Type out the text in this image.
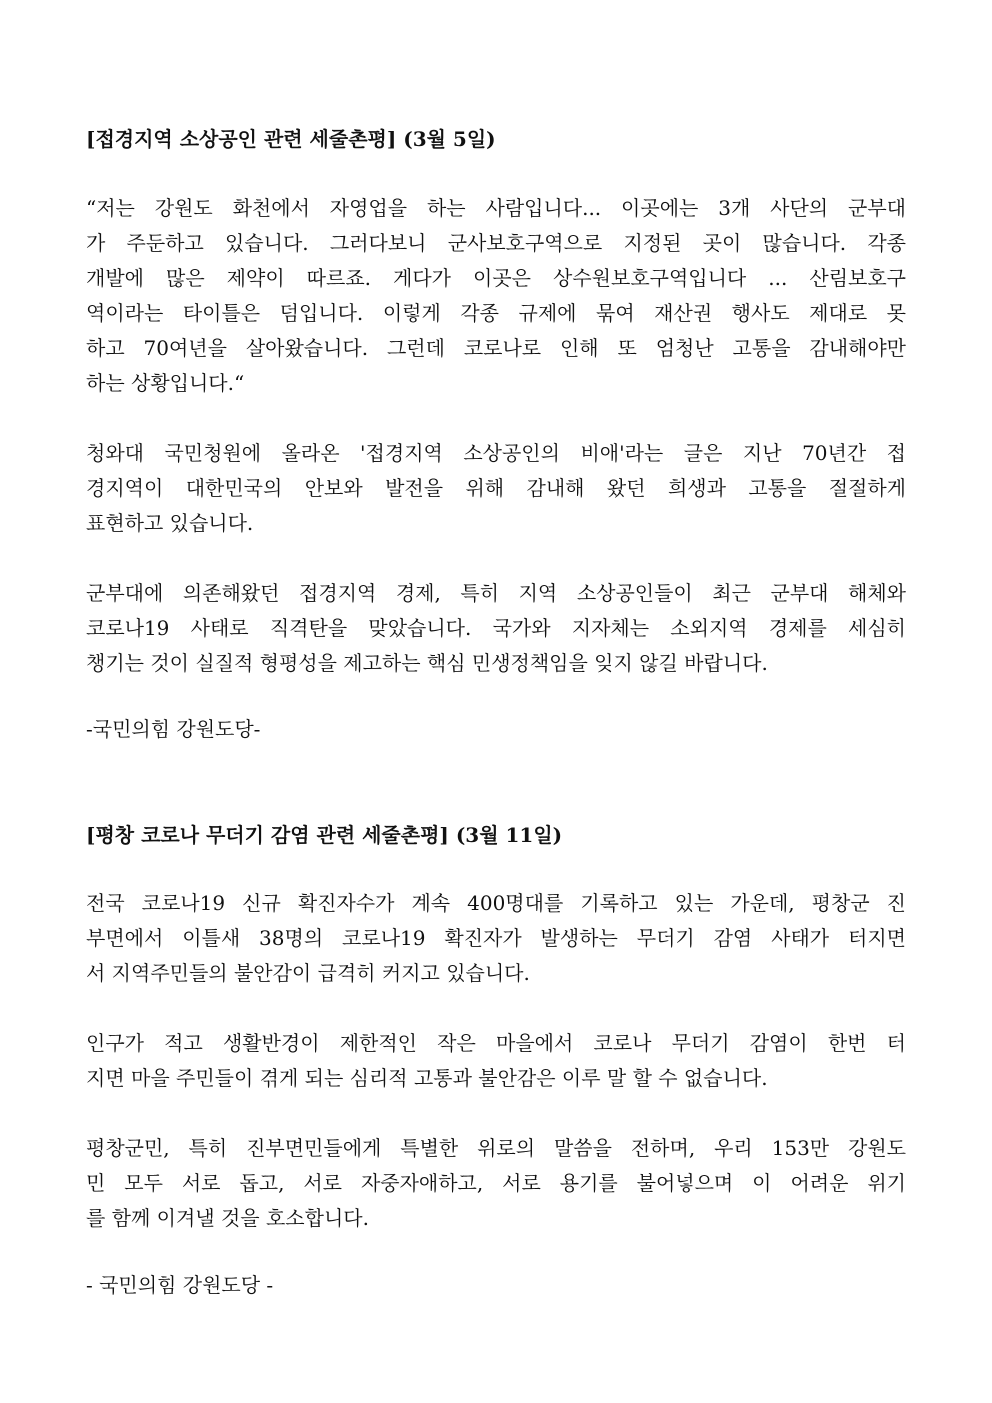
[접경지역 소상공인 관련 세줄촌평] (3월 5일)
“저는 강원도 화천에서 자영업을 하는 사람입니다... 이곳에는 3개 사단의 군부대
가 주둔하고 있습니다. 그러다보니 군사보호구역으로 지정된 곳이 많습니다. 각종
개발에 많은 제약이 따르죠. 게다가 이곳은 상수원보호구역입니다 ... 산림보호구
역이라는 타이틀은 덤입니다. 이렇게 각종 규제에 묶여 재산권 행사도 제대로 못
하고 70여년을 살아왔습니다. 그런데 코로나로 인해 또 엄청난 고통을 감내해야만
하는 상황입니다.“
청와대 국민청원에 올라온 '접경지역 소상공인의 비애'라는 글은 지난 70년간 접
경지역이 대한민국의 안보와 발전을 위해 감내해 왔던 희생과 고통을 절절하게
표현하고 있습니다.
군부대에 의존해왔던 접경지역 경제, 특히 지역 소상공인들이 최근 군부대 해체와
코로나19 사태로 직격탄을 맞았습니다. 국가와 지자체는 소외지역 경제를 세심히
챙기는 것이 실질적 형평성을 제고하는 핵심 민생정책임을 잊지 않길 바랍니다.
-국민의힘 강원도당-
[평창 코로나 무더기 감염 관련 세줄촌평] (3월 11일)
전국 코로나19 신규 확진자수가 계속 400명대를 기록하고 있는 가운데, 평창군 진
부면에서 이틀새 38명의 코로나19 확진자가 발생하는 무더기 감염 사태가 터지면
서 지역주민들의 불안감이 급격히 커지고 있습니다.
인구가 적고 생활반경이 제한적인 작은 마을에서 코로나 무더기 감염이 한번 터
지면 마을 주민들이 겪게 되는 심리적 고통과 불안감은 이루 말 할 수 없습니다.
평창군민, 특히 진부면민들에게 특별한 위로의 말씀을 전하며, 우리 153만 강원도
민 모두 서로 돕고, 서로 자중자애하고, 서로 용기를 불어넣으며 이 어려운 위기
를 함께 이겨낼 것을 호소합니다.
- 국민의힘 강원도당 -
